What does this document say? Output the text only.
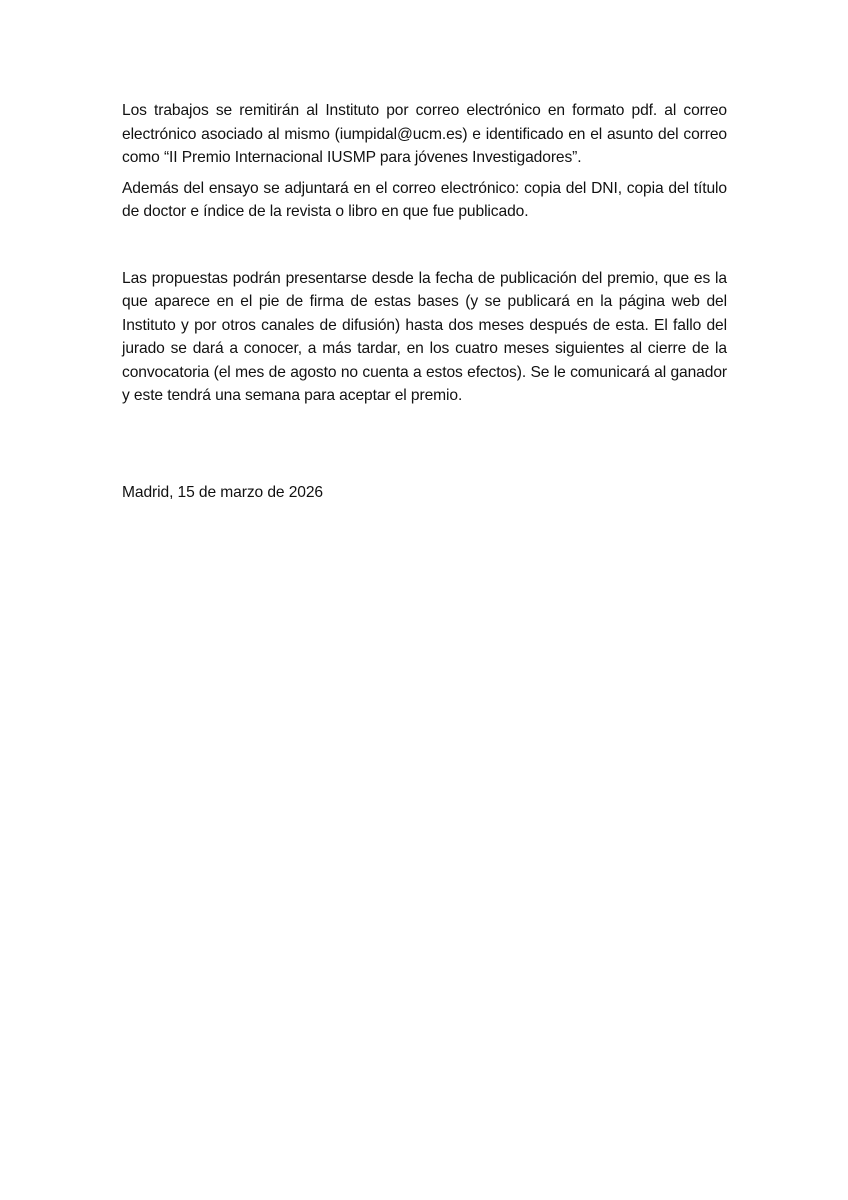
Los trabajos se remitirán al Instituto por correo electrónico en formato pdf. al correo electrónico asociado al mismo (iumpidal@ucm.es) e identificado en el asunto del correo como “II Premio Internacional IUSMP para jóvenes Investigadores”.

Además del ensayo se adjuntará en el correo electrónico: copia del DNI, copia del título de doctor e índice de la revista o libro en que fue publicado.

Las propuestas podrán presentarse desde la fecha de publicación del premio, que es la que aparece en el pie de firma de estas bases (y se publicará en la página web del Instituto y por otros canales de difusión) hasta dos meses después de esta. El fallo del jurado se dará a conocer, a más tardar, en los cuatro meses siguientes al cierre de la convocatoria (el mes de agosto no cuenta a estos efectos). Se le comunicará al ganador y este tendrá una semana para aceptar el premio.

Madrid, 15 de marzo de 2026
